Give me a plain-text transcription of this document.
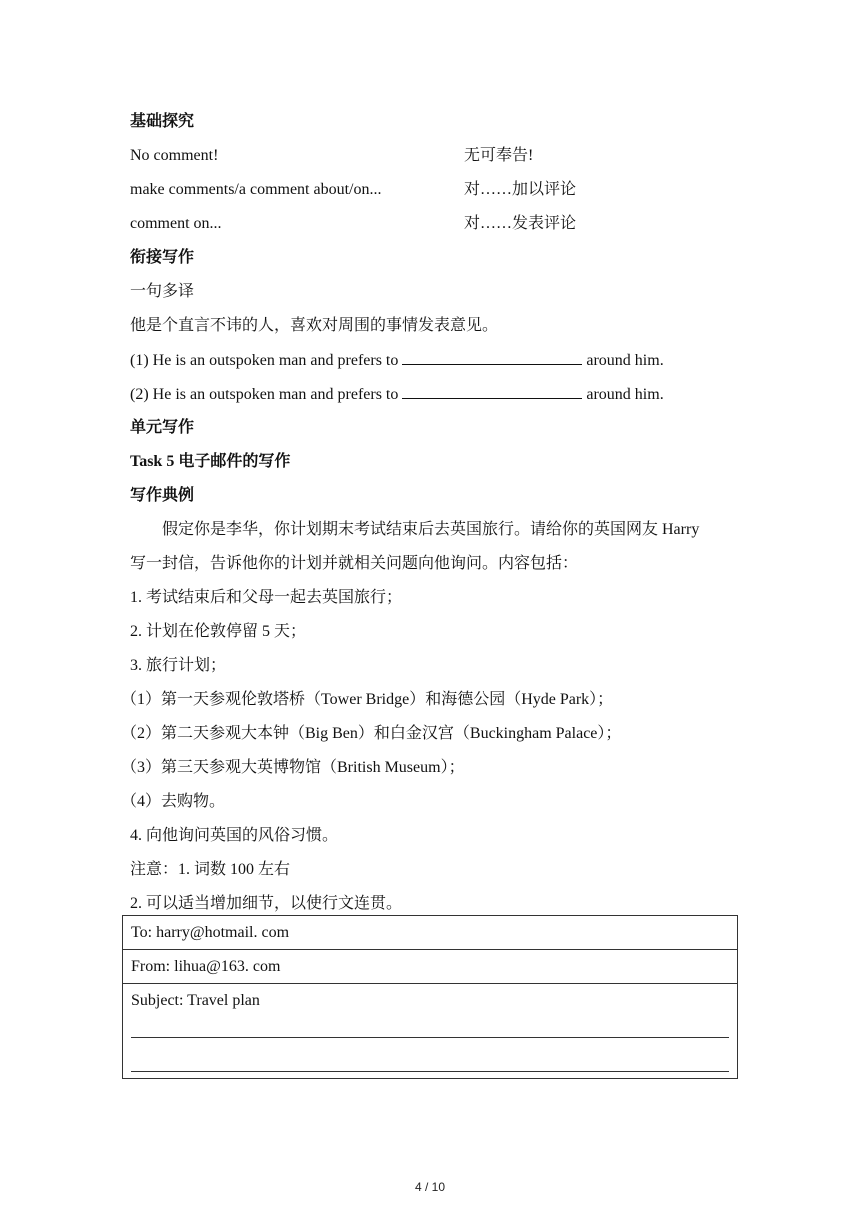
基础探究
No comment!	无可奉告!
make comments/a comment about/on...	对……加以评论
comment on...	对……发表评论
衔接写作
一句多译
他是个直言不讳的人，喜欢对周围的事情发表意见。
(1) He is an outspoken man and prefers to	around him.
(2) He is an outspoken man and prefers to	around him.
单元写作
Task 5 电子邮件的写作
写作典例
假定你是李华，你计划期末考试结束后去英国旅行。请给你的英国网友 Harry
写一封信，告诉他你的计划并就相关问题向他询问。内容包括：
1. 考试结束后和父母一起去英国旅行；
2. 计划在伦敦停留 5 天；
3. 旅行计划；
（1）第一天参观伦敦塔桥（Tower Bridge）和海德公园（Hyde Park）；
（2）第二天参观大本钟（Big Ben）和白金汉宫（Buckingham Palace）；
（3）第三天参观大英博物馆（British Museum）；
（4）去购物。
4. 向他询问英国的风俗习惯。
注意：1. 词数 100 左右
2. 可以适当增加细节，以使行文连贯。
To: harry@hotmail. com
From: lihua@163. com

Subject: Travel plan
4 / 10
